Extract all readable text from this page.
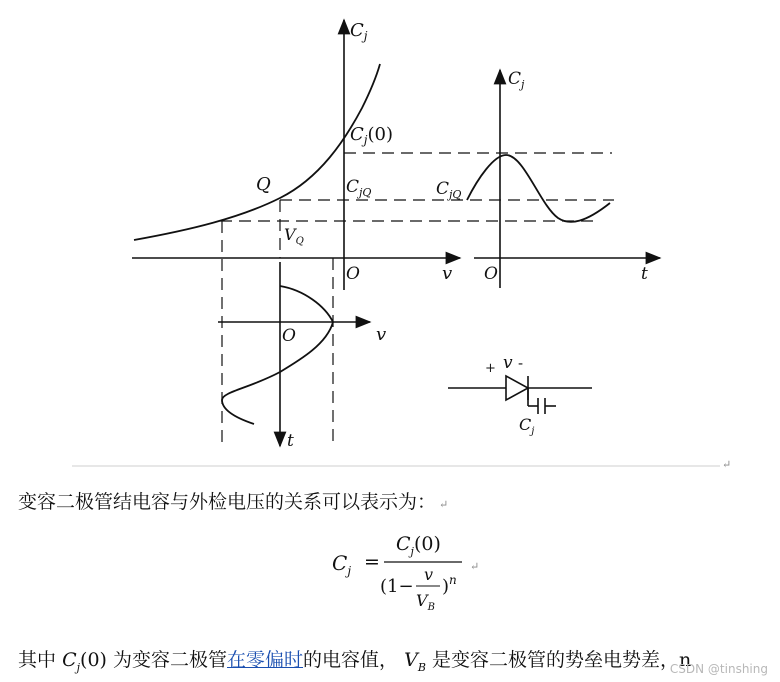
$C_j$
v
O
Q
$C_j(0)$
$C_{jQ}$
$V_Q$
$C_j$
t
O
$C_{jQ}$
v
O
t
+ v -
$C_j$
↵
变容二极管结电容与外检电压的关系可以表示为： ↵
$C_j$ =
$C_j(0)$
(1−
v
$V_B$
) n
↵
其中 $C_j(0)$ 为变容二极管在零偏时的电容值， $V_B$ 是变容二极管的势垒电势差，n
CSDN @tinshing
